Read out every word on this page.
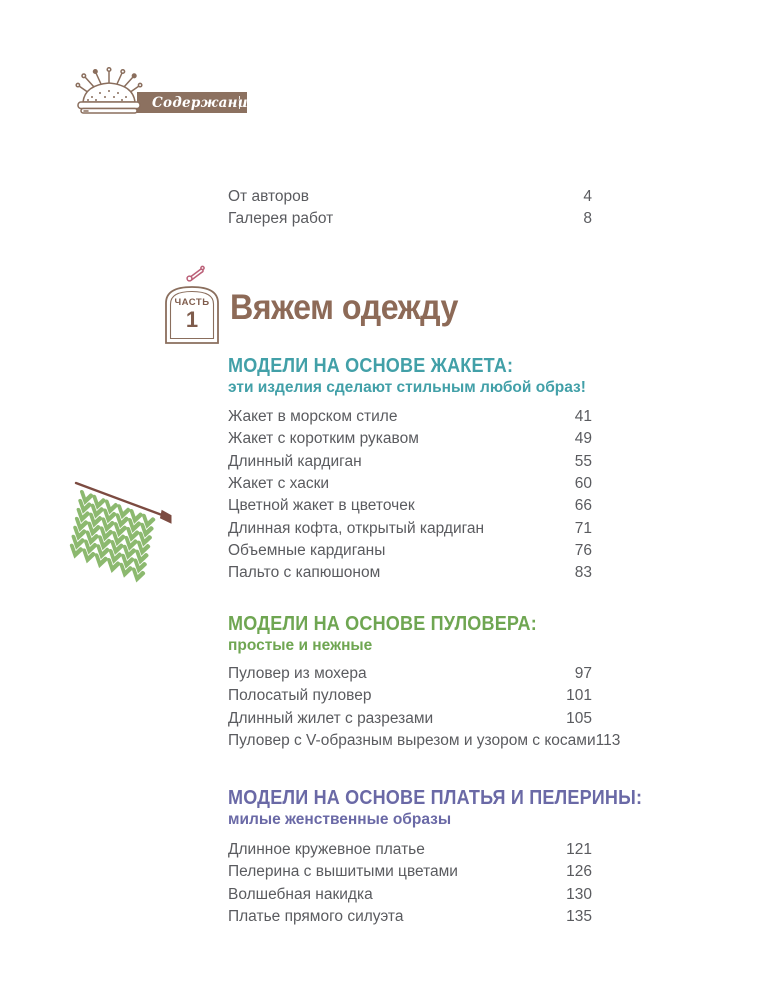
Содержание
От авторов	4
Галерея работ	8
ЧАСТЬ
1 Вяжем одежду
МОДЕЛИ НА ОСНОВЕ ЖАКЕТА:
эти изделия сделают стильным любой образ!
Жакет в морском стиле	41
Жакет с коротким рукавом	49
Длинный кардиган	55
Жакет с хаски	60
Цветной жакет в цветочек	66
Длинная кофта, открытый кардиган	71
Объемные кардиганы	76
Пальто с капюшоном	83
МОДЕЛИ НА ОСНОВЕ ПУЛОВЕРА:
простые и нежные
Пуловер из мохера	97
Полосатый пуловер	101
Длинный жилет с разрезами	105
Пуловер с V-образным вырезом и узором с косами 113
МОДЕЛИ НА ОСНОВЕ ПЛАТЬЯ И ПЕЛЕРИНЫ:
милые женственные образы
Длинное кружевное платье	121
Пелерина с вышитыми цветами	126
Волшебная накидка	130
Платье прямого силуэта	135
